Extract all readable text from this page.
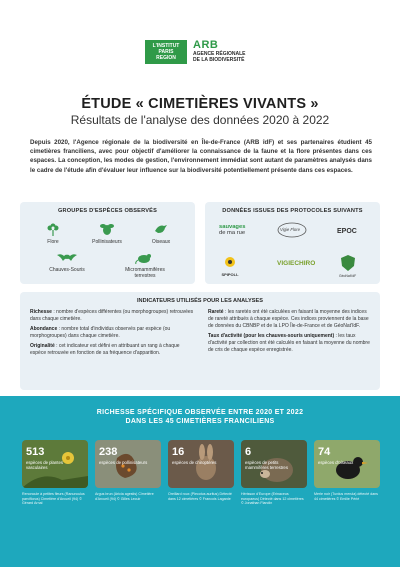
L'INSTITUT
PARIS
REGION
ARB
AGENCE RÉGIONALE
DE LA BIODIVERSITÉ
ÉTUDE « CIMETIÈRES VIVANTS »
Résultats de l'analyse des données 2020 à 2022
Depuis 2020, l'Agence régionale de la biodiversité en Île-de-France (ARB îdF) et ses partenaires étudient 45 cimetières franciliens, avec pour objectif d'améliorer la connaissance de la faune et la flore présentes dans ces espaces. La conception, les modes de gestion, l'environnement immédiat sont autant de paramètres analysés dans le cadre de l'étude afin d'évaluer leur influence sur la biodiversité potentiellement présente dans ces espaces.
GROUPES D'ESPÈCES OBSERVÉS
Flore	Pollinisateurs	Oiseaux
Chauves-Souris	Micromammifères terrestres
DONNÉES ISSUES DES PROTOCOLES SUIVANTS
sauvages
de ma rue
Vigie Flore	EPOC
SPIPOLL
VIGIECHIRO
GéoNat'îdF
INDICATEURS UTILISÉS POUR LES ANALYSES

Richesse : nombre d'espèces différentes (ou morphogroupes) retrouvées dans chaque cimetière.

Abondance : nombre total d'individus observés par espèce (ou morphogroupes) dans chaque cimetière.

Originalité : cet indicateur est défini en attribuant un rang à chaque espèce retrouvée en fonction de sa fréquence d'apparition.

Rareté : les raretés ont été calculées en faisant la moyenne des indices de rareté attribués à chaque espèce. Ces indices proviennent de la base de données du CBNBP et de la LPO Île-de-France et de GéoNat'îdF.

Taux d'activité (pour les chauves-souris uniquement) : les taux d'activité par collection ont été calculés en faisant la moyenne du nombre de cris de chaque espèce enregistrée.

RICHESSE SPÉCIFIQUE OBSERVÉE ENTRE 2020 ET 2022
DANS LES 45 CIMETIÈRES FRANCILIENS
513
espèces de plantes vasculaires
Renoncule à petites fleurs (Ranunculus parviflorus) Cimetière d'Arcueil (94) © Gérard Arnal
238
espèces de pollinisateurs
Argus brun (Aricia agestis) Cimetière d'Arcueil (94) © Gilles Lecuir
16
espèces de chiroptères
Oreillard roux (Plecotus auritus) Détecté dans 12 cimetières © Francois Lagarde
6
espèces de petits mammifères terrestres
Hérisson d'Europe (Erinaceus europaeus) Détecté dans 12 cimetières © Jonathan Flandin
74
espèces d'oiseaux
Merle noir (Turdus merula) détecté dans 44 cimetières © Emilie Périé
